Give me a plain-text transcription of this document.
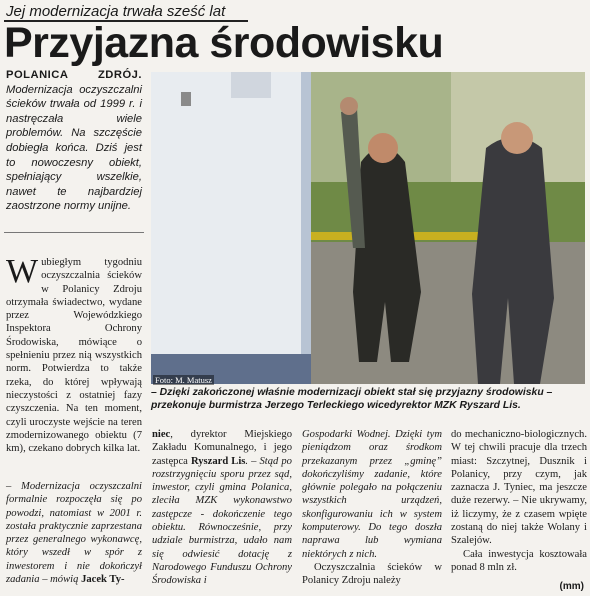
Jej modernizacja trwała sześć lat
Przyjazna środowisku
POLANICA ZDRÓJ. Modernizacja oczyszczalni ścieków trwała od 1999 r. i nastręczała wiele problemów. Na szczęście dobiegła końca. Dziś jest to nowoczesny obiekt, spełniający wszelkie, nawet te najbardziej zaostrzone normy unijne.
Foto: M. Matusz
– Dzięki zakończonej właśnie modernizacji obiekt stał się przyjazny środowisku – przekonuje burmistrza Jerzego Terleckiego wicedyrektor MZK Ryszard Lis.
Wubiegłym tygodniu oczyszczalnia ścieków w Polanicy Zdroju otrzymała świadectwo, wydane przez Wojewódzkiego Inspektora Ochrony Środowiska, mówiące o spełnieniu przez nią wszystkich norm. Potwierdza to także rzeka, do której wpływają nieczystości z ostatniej fazy czyszczenia. Na ten moment, czyli uroczyste wejście na teren zmodernizowanego obiektu (7 km), czekano dobrych kilka lat.
– Modernizacja oczyszczalni formalnie rozpoczęła się po powodzi, natomiast w 2001 r. została praktycznie zaprzestana przez generalnego wykonawcę, który wszedł w spór z inwestorem i nie dokończył zadania – mówią Jacek Ty-
niec, dyrektor Miejskiego Zakładu Komunalnego, i jego zastępca Ryszard Lis. – Stąd po rozstrzygnięciu sporu przez sąd, inwestor, czyli gmina Polanica, zleciła MZK wykonawstwo zastępcze - dokończenie tego obiektu. Równocześnie, przy udziale burmistrza, udało nam się odwiesić dotację z Narodowego Funduszu Ochrony Środowiska i
Gospodarki Wodnej. Dzięki tym pieniądzom oraz środkom przekazanym przez „gminę” dokończyliśmy zadanie, które głównie polegało na połączeniu wszystkich urządzeń, skonfigurowaniu ich w system komputerowy. Do tego doszła naprawa lub wymiana niektórych z nich.
Oczyszczalnia ścieków w Polanicy Zdroju należy
do mechaniczno-biologicznych. W tej chwili pracuje dla trzech miast: Szczytnej, Dusznik i Polanicy, przy czym, jak zaznacza J. Tyniec, ma jeszcze duże rezerwy. – Nie ukrywamy, iż liczymy, że z czasem wpięte zostaną do niej także Wolany i Szalejów.
Cała inwestycja kosztowała ponad 8 mln zł.
(mm)
